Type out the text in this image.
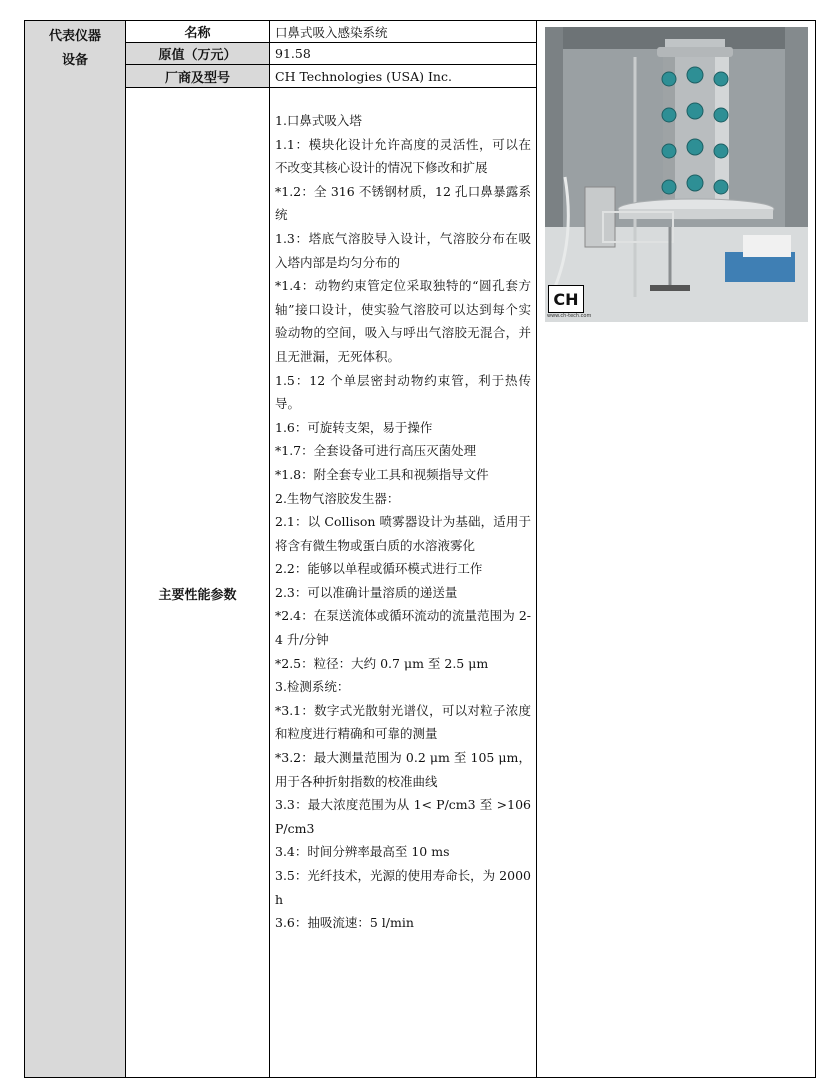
代表仪器
设备
名称
原值（万元）
厂商及型号
主要性能参数
口鼻式吸入感染系统
91.58
CH Technologies (USA) Inc.
1.口鼻式吸入塔
1.1：模块化设计允许高度的灵活性，可以在不改变其核心设计的情况下修改和扩展
*1.2：全 316 不锈钢材质，12 孔口鼻暴露系统
1.3：塔底气溶胶导入设计，气溶胶分布在吸入塔内部是均匀分布的
*1.4：动物约束管定位采取独特的“圆孔套方轴”接口设计，使实验气溶胶可以达到每个实验动物的空间，吸入与呼出气溶胶无混合，并且无泄漏，无死体积。
1.5：12 个单层密封动物约束管，利于热传导。
1.6：可旋转支架，易于操作
*1.7：全套设备可进行高压灭菌处理
*1.8：附全套专业工具和视频指导文件
2.生物气溶胶发生器：
2.1：以 Collison 喷雾器设计为基础，适用于将含有微生物或蛋白质的水溶液雾化
2.2：能够以单程或循环模式进行工作
2.3：可以准确计量溶质的递送量
*2.4：在泵送流体或循环流动的流量范围为 2-4 升/分钟
*2.5：粒径：大约 0.7 μm 至 2.5 μm
3.检测系统：
*3.1：数字式光散射光谱仪，可以对粒子浓度和粒度进行精确和可靠的测量
*3.2：最大测量范围为 0.2 μm 至 105 μm，用于各种折射指数的校准曲线
3.3：最大浓度范围为从 1< P/cm3 至 >106 P/cm3
3.4：时间分辨率最高至 10 ms
3.5：光纤技术，光源的使用寿命长，为 2000 h
3.6：抽吸流速：5 l/min
CH
www.ch-tech.com
